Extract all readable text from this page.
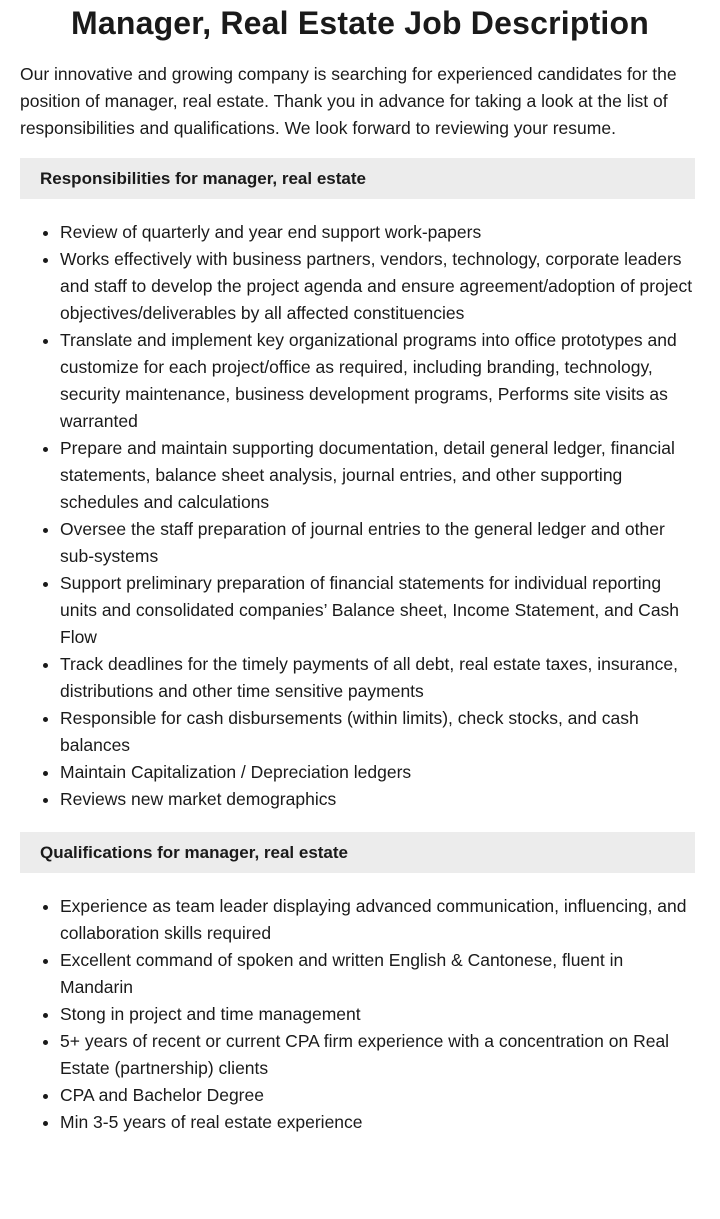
Manager, Real Estate Job Description

Our innovative and growing company is searching for experienced candidates for the position of manager, real estate. Thank you in advance for taking a look at the list of responsibilities and qualifications. We look forward to reviewing your resume.

Responsibilities for manager, real estate
• Review of quarterly and year end support work-papers
• Works effectively with business partners, vendors, technology, corporate leaders and staff to develop the project agenda and ensure agreement/adoption of project objectives/deliverables by all affected constituencies
• Translate and implement key organizational programs into office prototypes and customize for each project/office as required, including branding, technology, security maintenance, business development programs, Performs site visits as warranted
• Prepare and maintain supporting documentation, detail general ledger, financial statements, balance sheet analysis, journal entries, and other supporting schedules and calculations
• Oversee the staff preparation of journal entries to the general ledger and other sub-systems
• Support preliminary preparation of financial statements for individual reporting units and consolidated companies’ Balance sheet, Income Statement, and Cash Flow
• Track deadlines for the timely payments of all debt, real estate taxes, insurance, distributions and other time sensitive payments
• Responsible for cash disbursements (within limits), check stocks, and cash balances
• Maintain Capitalization / Depreciation ledgers
• Reviews new market demographics
Qualifications for manager, real estate
• Experience as team leader displaying advanced communication, influencing, and collaboration skills required
• Excellent command of spoken and written English & Cantonese, fluent in Mandarin
• Stong in project and time management
• 5+ years of recent or current CPA firm experience with a concentration on Real Estate (partnership) clients
• CPA and Bachelor Degree
• Min 3-5 years of real estate experience
